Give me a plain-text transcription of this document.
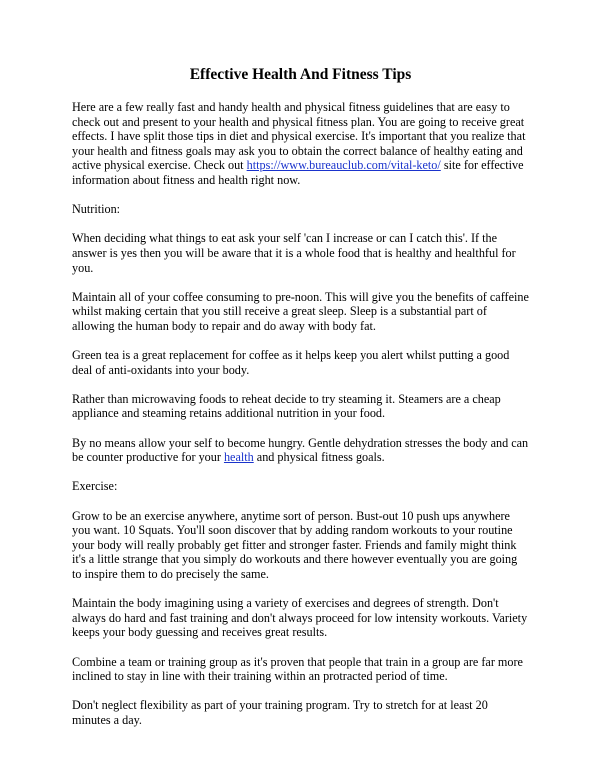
Effective Health And Fitness Tips

Here are a few really fast and handy health and physical fitness guidelines that are easy to check out and present to your health and physical fitness plan. You are going to receive great effects. I have split those tips in diet and physical exercise. It's important that you realize that your health and fitness goals may ask you to obtain the correct balance of healthy eating and active physical exercise. Check out https://www.bureauclub.com/vital-keto/ site for effective information about fitness and health right now.

Nutrition:

When deciding what things to eat ask your self 'can I increase or can I catch this'. If the answer is yes then you will be aware that it is a whole food that is healthy and healthful for you.

Maintain all of your coffee consuming to pre-noon. This will give you the benefits of caffeine whilst making certain that you still receive a great sleep. Sleep is a substantial part of allowing the human body to repair and do away with body fat.

Green tea is a great replacement for coffee as it helps keep you alert whilst putting a good deal of anti-oxidants into your body.

Rather than microwaving foods to reheat decide to try steaming it. Steamers are a cheap appliance and steaming retains additional nutrition in your food.

By no means allow your self to become hungry. Gentle dehydration stresses the body and can be counter productive for your health and physical fitness goals.

Exercise:

Grow to be an exercise anywhere, anytime sort of person. Bust-out 10 push ups anywhere you want. 10 Squats. You'll soon discover that by adding random workouts to your routine your body will really probably get fitter and stronger faster. Friends and family might think it's a little strange that you simply do workouts and there however eventually you are going to inspire them to do precisely the same.

Maintain the body imagining using a variety of exercises and degrees of strength. Don't always do hard and fast training and don't always proceed for low intensity workouts. Variety keeps your body guessing and receives great results.

Combine a team or training group as it's proven that people that train in a group are far more inclined to stay in line with their training within an protracted period of time.

Don't neglect flexibility as part of your training program. Try to stretch for at least 20 minutes a day.
